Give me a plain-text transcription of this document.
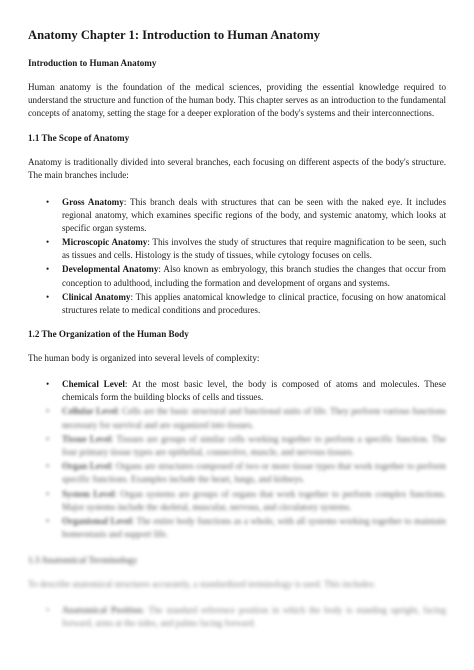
Anatomy Chapter 1: Introduction to Human Anatomy
Introduction to Human Anatomy

Human anatomy is the foundation of the medical sciences, providing the essential knowledge required to understand the structure and function of the human body. This chapter serves as an introduction to the fundamental concepts of anatomy, setting the stage for a deeper exploration of the body's systems and their interconnections.

1.1 The Scope of Anatomy

Anatomy is traditionally divided into several branches, each focusing on different aspects of the body's structure. The main branches include:

• Gross Anatomy: This branch deals with structures that can be seen with the naked eye. It includes regional anatomy, which examines specific regions of the body, and systemic anatomy, which looks at specific organ systems.
• Microscopic Anatomy: This involves the study of structures that require magnification to be seen, such as tissues and cells. Histology is the study of tissues, while cytology focuses on cells.
• Developmental Anatomy: Also known as embryology, this branch studies the changes that occur from conception to adulthood, including the formation and development of organs and systems.
• Clinical Anatomy: This applies anatomical knowledge to clinical practice, focusing on how anatomical structures relate to medical conditions and procedures.
1.2 The Organization of the Human Body

The human body is organized into several levels of complexity:

• Chemical Level: At the most basic level, the body is composed of atoms and molecules. These chemicals form the building blocks of cells and tissues.
• Cellular Level: Cells are the basic structural and functional units of life. They perform various functions necessary for survival and are organized into tissues.
• Tissue Level: Tissues are groups of similar cells working together to perform a specific function. The four primary tissue types are epithelial, connective, muscle, and nervous tissues.
• Organ Level: Organs are structures composed of two or more tissue types that work together to perform specific functions. Examples include the heart, lungs, and kidneys.
• System Level: Organ systems are groups of organs that work together to perform complex functions. Major systems include the skeletal, muscular, nervous, and circulatory systems.
• Organismal Level: The entire body functions as a whole, with all systems working together to maintain homeostasis and support life.
1.3 Anatomical Terminology

To describe anatomical structures accurately, a standardized terminology is used. This includes:

• Anatomical Position: The standard reference position in which the body is standing upright, facing forward, arms at the sides, and palms facing forward.
